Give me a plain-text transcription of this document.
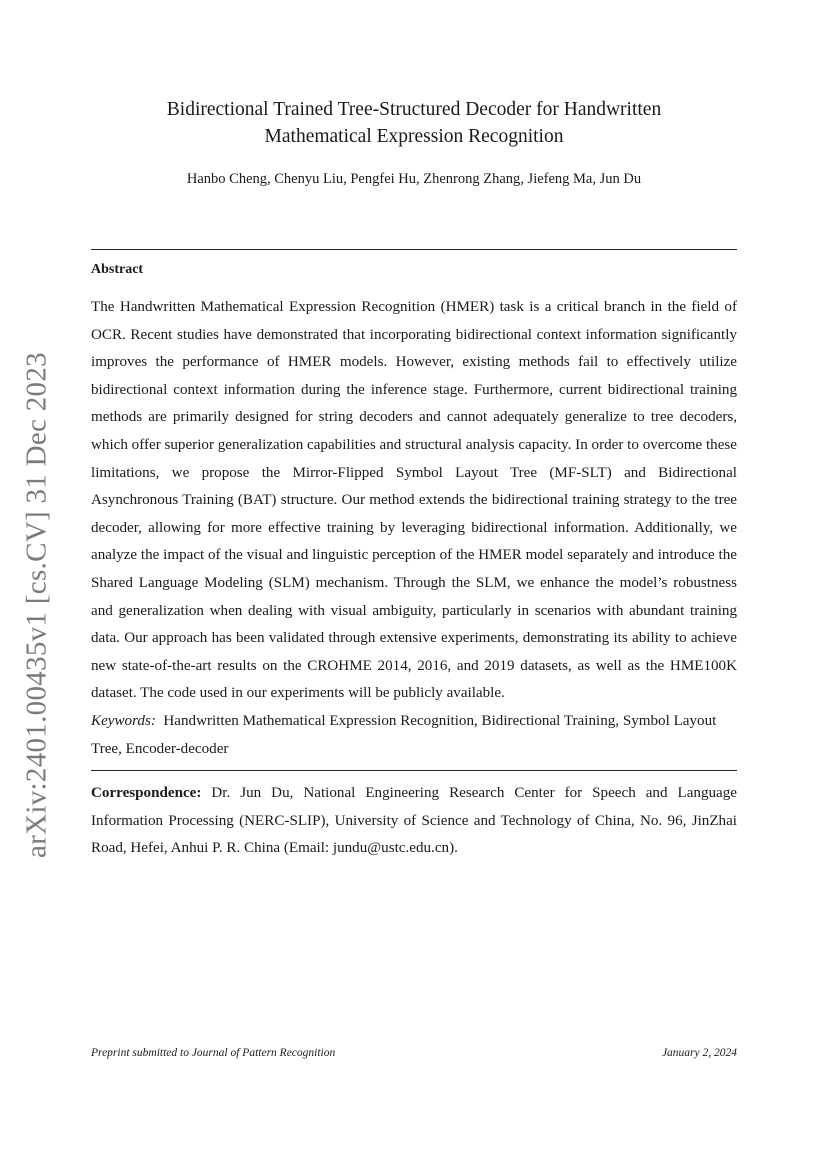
arXiv:2401.00435v1 [cs.CV] 31 Dec 2023
Bidirectional Trained Tree-Structured Decoder for Handwritten
Mathematical Expression Recognition
Hanbo Cheng, Chenyu Liu, Pengfei Hu, Zhenrong Zhang, Jiefeng Ma, Jun Du
Abstract

The Handwritten Mathematical Expression Recognition (HMER) task is a critical branch in the field of OCR. Recent studies have demonstrated that incorporating bidirectional context information significantly improves the performance of HMER models. However, existing methods fail to effectively utilize bidirectional context information during the inference stage. Furthermore, current bidirectional training methods are primarily designed for string decoders and cannot adequately generalize to tree decoders, which offer superior generalization capabilities and structural analysis capacity. In order to overcome these limitations, we propose the Mirror-Flipped Symbol Layout Tree (MF-SLT) and Bidirectional Asynchronous Training (BAT) structure. Our method extends the bidirectional training strategy to the tree decoder, allowing for more effective training by leveraging bidirectional information. Additionally, we analyze the impact of the visual and linguistic perception of the HMER model separately and introduce the Shared Language Modeling (SLM) mechanism. Through the SLM, we enhance the model’s robustness and generalization when dealing with visual ambiguity, particularly in scenarios with abundant training data. Our approach has been validated through extensive experiments, demonstrating its ability to achieve new state-of-the-art results on the CROHME 2014, 2016, and 2019 datasets, as well as the HME100K dataset. The code used in our experiments will be publicly available.

Keywords: Handwritten Mathematical Expression Recognition, Bidirectional Training, Symbol Layout Tree, Encoder-decoder

Correspondence: Dr. Jun Du, National Engineering Research Center for Speech and Language Information Processing (NERC-SLIP), University of Science and Technology of China, No. 96, JinZhai Road, Hefei, Anhui P. R. China (Email: jundu@ustc.edu.cn).

Preprint submitted to Journal of Pattern Recognition	January 2, 2024
